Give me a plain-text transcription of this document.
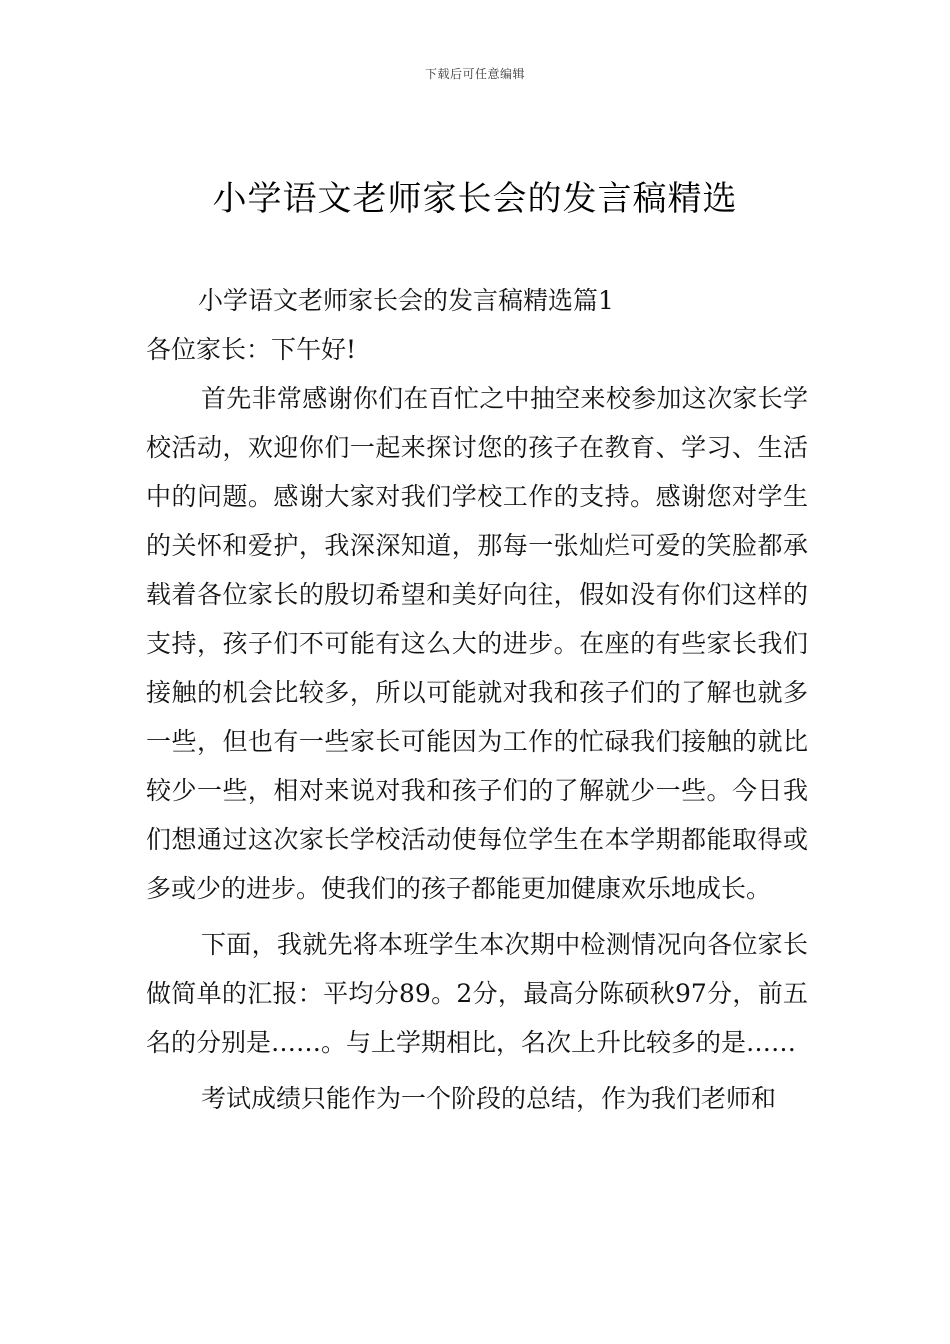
下载后可任意编辑
小学语文老师家长会的发言稿精选

小学语文老师家长会的发言稿精选篇1

各位家长：下午好!

首先非常感谢你们在百忙之中抽空来校参加这次家长学校活动，欢迎你们一起来探讨您的孩子在教育、学习、生活中的问题。感谢大家对我们学校工作的支持。感谢您对学生的关怀和爱护，我深深知道，那每一张灿烂可爱的笑脸都承载着各位家长的殷切希望和美好向往，假如没有你们这样的支持，孩子们不可能有这么大的进步。在座的有些家长我们接触的机会比较多，所以可能就对我和孩子们的了解也就多一些，但也有一些家长可能因为工作的忙碌我们接触的就比较少一些，相对来说对我和孩子们的了解就少一些。今日我们想通过这次家长学校活动使每位学生在本学期都能取得或多或少的进步。使我们的孩子都能更加健康欢乐地成长。

下面，我就先将本班学生本次期中检测情况向各位家长做简单的汇报：平均分89。2分，最高分陈硕秋97分，前五名的分别是……。与上学期相比，名次上升比较多的是……

考试成绩只能作为一个阶段的总结，作为我们老师和
